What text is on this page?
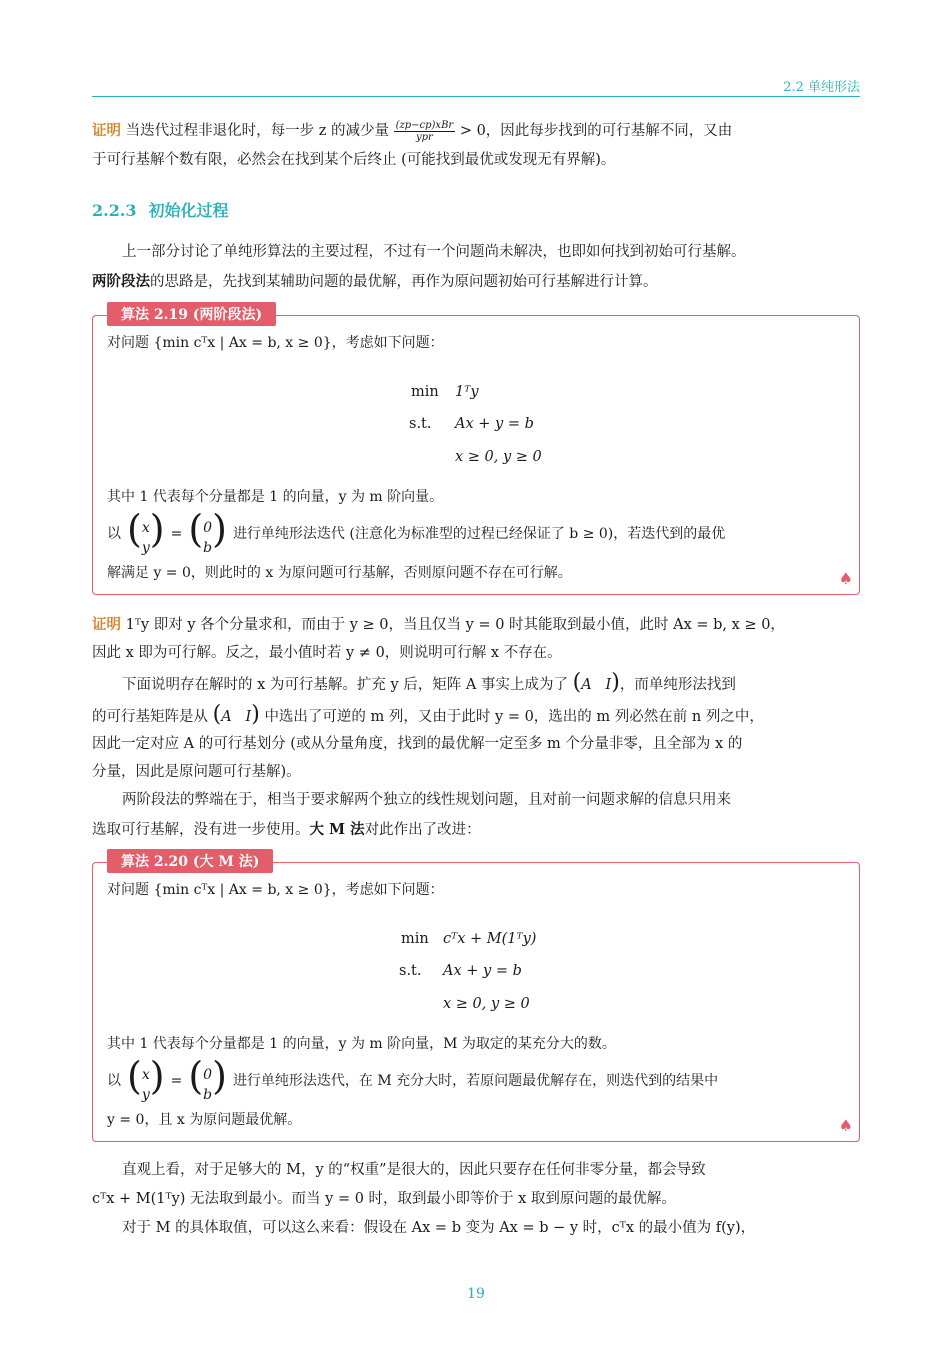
2.2 单纯形法
证明 当迭代过程非退化时，每一步 z 的减少量 $\frac{\text{(zp−cp)xBr}}{\text{ypr}} > 0$，因此每步找到的可行基解不同，又由
于可行基解个数有限，必然会在找到某个后终止 (可能找到最优或发现无有界解)。
2.2.3 初始化过程
上一部分讨论了单纯形算法的主要过程，不过有一个问题尚未解决，也即如何找到初始可行基解。
两阶段法的思路是，先找到某辅助问题的最优解，再作为原问题初始可行基解进行计算。
算法 2.19 (两阶段法)
对问题 {min cᵀx | Ax = b, x ≥ 0}，考虑如下问题：
min 1ᵀy
s.t. Ax + y = b
x ≥ 0, y ≥ 0
其中 1 代表每个分量都是 1 的向量，y 为 m 阶向量。
以 ( x
y ) = ( 0
b ) 进行单纯形法迭代 (注意化为标准型的过程已经保证了 b ≥ 0)，若迭代到的最优
解满足 y = 0，则此时的 x 为原问题可行基解，否则原问题不存在可行解。	♠
证明 1ᵀy 即对 y 各个分量求和，而由于 y ≥ 0，当且仅当 y = 0 时其能取到最小值，此时 Ax = b, x ≥ 0，
因此 x 即为可行解。反之，最小值时若 y ≠ 0，则说明可行解 x 不存在。
下面说明存在解时的 x 为可行基解。扩充 y 后，矩阵 A 事实上成为了 (A   I)，而单纯形法找到
的可行基矩阵是从 (A   I) 中选出了可逆的 m 列，又由于此时 y = 0，选出的 m 列必然在前 n 列之中，
因此一定对应 A 的可行基划分 (或从分量角度，找到的最优解一定至多 m 个分量非零，且全部为 x 的
分量，因此是原问题可行基解)。
两阶段法的弊端在于，相当于要求解两个独立的线性规划问题，且对前一问题求解的信息只用来
选取可行基解，没有进一步使用。大 M 法对此作出了改进：
算法 2.20 (大 M 法)
对问题 {min cᵀx | Ax = b, x ≥ 0}，考虑如下问题：
min cᵀx + M(1ᵀy)
s.t. Ax + y = b
x ≥ 0, y ≥ 0
其中 1 代表每个分量都是 1 的向量，y 为 m 阶向量，M 为取定的某充分大的数。
以 ( x
y ) = ( 0
b ) 进行单纯形法迭代，在 M 充分大时，若原问题最优解存在，则迭代到的结果中
y = 0，且 x 为原问题最优解。	♠
直观上看，对于足够大的 M，y 的“权重”是很大的，因此只要存在任何非零分量，都会导致
cᵀx + M(1ᵀy) 无法取到最小。而当 y = 0 时，取到最小即等价于 x 取到原问题的最优解。
对于 M 的具体取值，可以这么来看：假设在 Ax = b 变为 Ax = b − y 时，cᵀx 的最小值为 f(y)，
19
